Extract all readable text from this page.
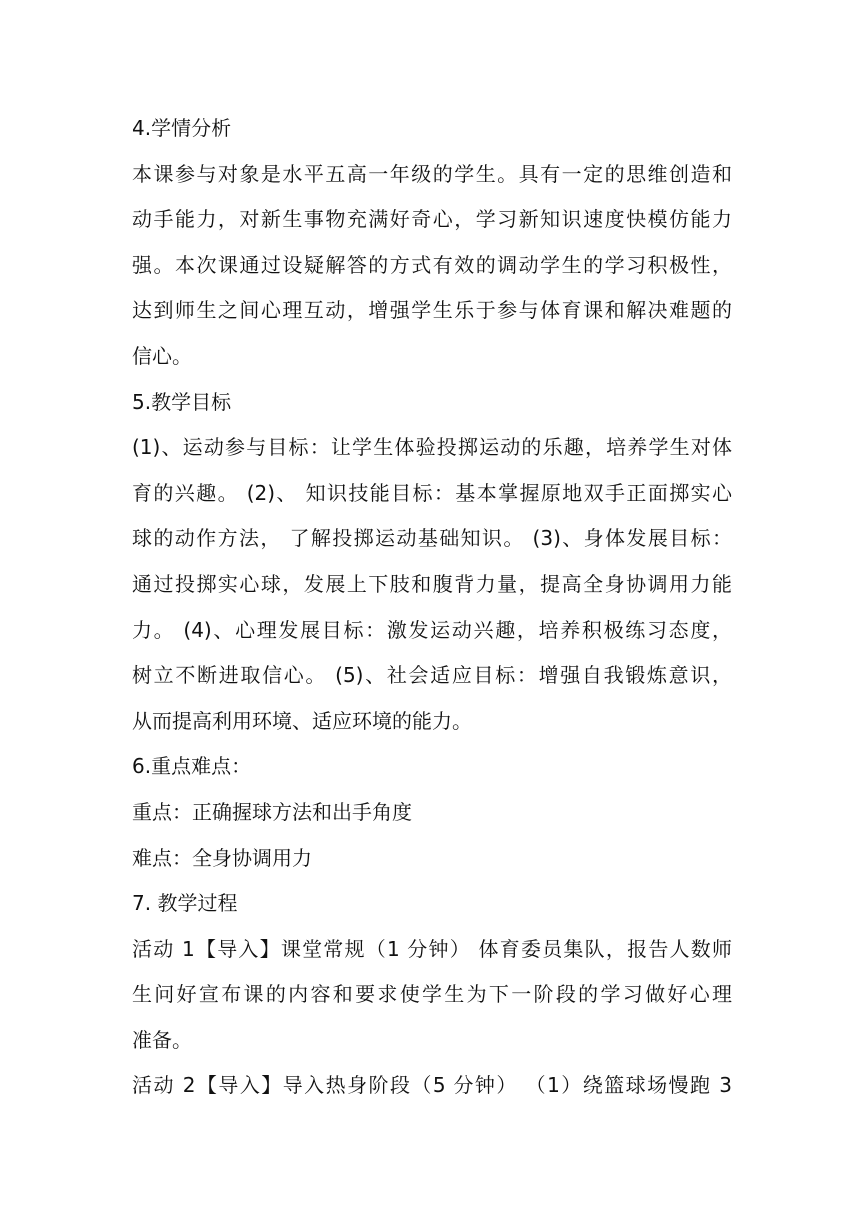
4.学情分析
本课参与对象是水平五高一年级的学生。具有一定的思维创造和
动手能力，对新生事物充满好奇心，学习新知识速度快模仿能力
强。本次课通过设疑解答的方式有效的调动学生的学习积极性，
达到师生之间心理互动，增强学生乐于参与体育课和解决难题的
信心。
5.教学目标
(1)、运动参与目标：让学生体验投掷运动的乐趣，培养学生对体
育的兴趣。 (2)、 知识技能目标：基本掌握原地双手正面掷实心
球的动作方法， 了解投掷运动基础知识。 (3)、身体发展目标：
通过投掷实心球，发展上下肢和腹背力量，提高全身协调用力能
力。 (4)、心理发展目标：激发运动兴趣，培养积极练习态度，
树立不断进取信心。 (5)、社会适应目标：增强自我锻炼意识，
从而提高利用环境、适应环境的能力。
6.重点难点：
重点：正确握球方法和出手角度
难点：全身协调用力
7. 教学过程
活动 1【导入】课堂常规（1 分钟） 体育委员集队，报告人数师
生问好宣布课的内容和要求使学生为下一阶段的学习做好心理
准备。
活动 2【导入】导入热身阶段（5 分钟） （1）绕篮球场慢跑 3
